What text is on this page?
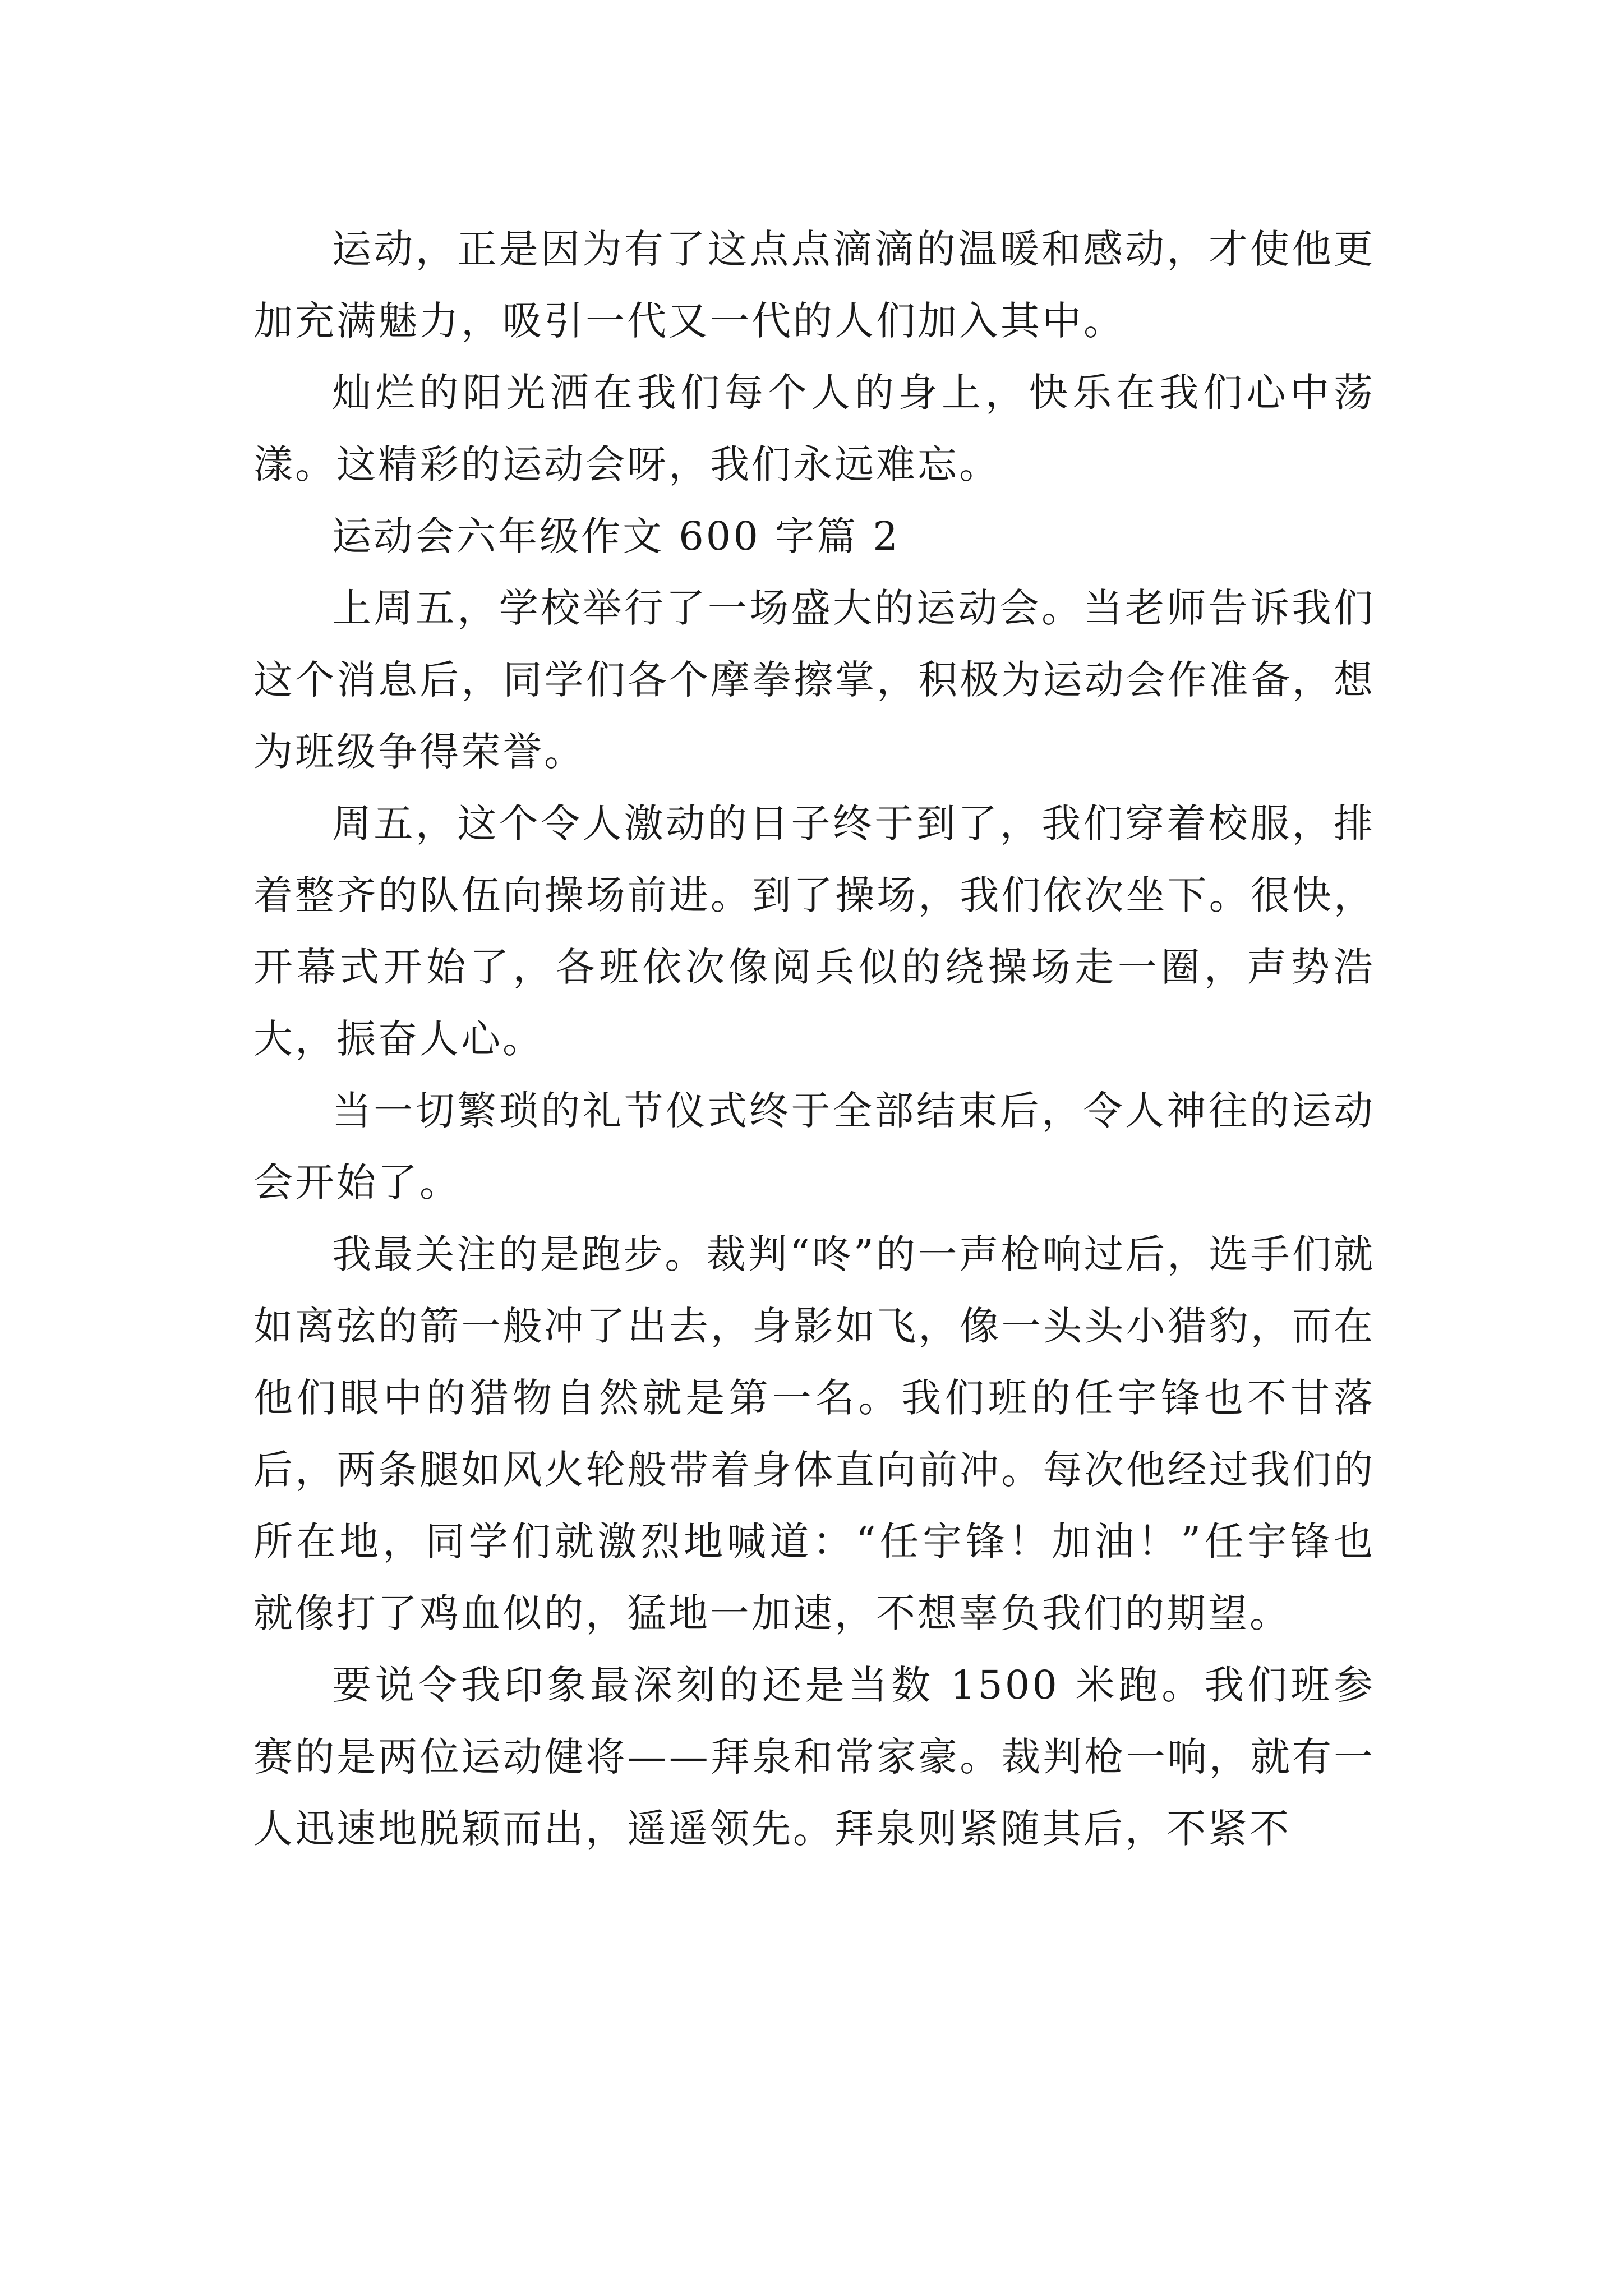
运动，正是因为有了这点点滴滴的温暖和感动，才使他更加充满魅力，吸引一代又一代的人们加入其中。

灿烂的阳光洒在我们每个人的身上，快乐在我们心中荡漾。这精彩的运动会呀，我们永远难忘。

运动会六年级作文 600 字篇 2

上周五，学校举行了一场盛大的运动会。当老师告诉我们这个消息后，同学们各个摩拳擦掌，积极为运动会作准备，想为班级争得荣誉。

周五，这个令人激动的日子终于到了，我们穿着校服，排着整齐的队伍向操场前进。到了操场，我们依次坐下。很快，开幕式开始了，各班依次像阅兵似的绕操场走一圈，声势浩大，振奋人心。

当一切繁琐的礼节仪式终于全部结束后，令人神往的运动会开始了。

我最关注的是跑步。裁判“咚”的一声枪响过后，选手们就如离弦的箭一般冲了出去，身影如飞，像一头头小猎豹，而在他们眼中的猎物自然就是第一名。我们班的任宇锋也不甘落后，两条腿如风火轮般带着身体直向前冲。每次他经过我们的所在地，同学们就激烈地喊道：“任宇锋！加油！”任宇锋也就像打了鸡血似的，猛地一加速，不想辜负我们的期望。

要说令我印象最深刻的还是当数 1500 米跑。我们班参赛的是两位运动健将——拜泉和常家豪。裁判枪一响，就有一人迅速地脱颖而出，遥遥领先。拜泉则紧随其后，不紧不
